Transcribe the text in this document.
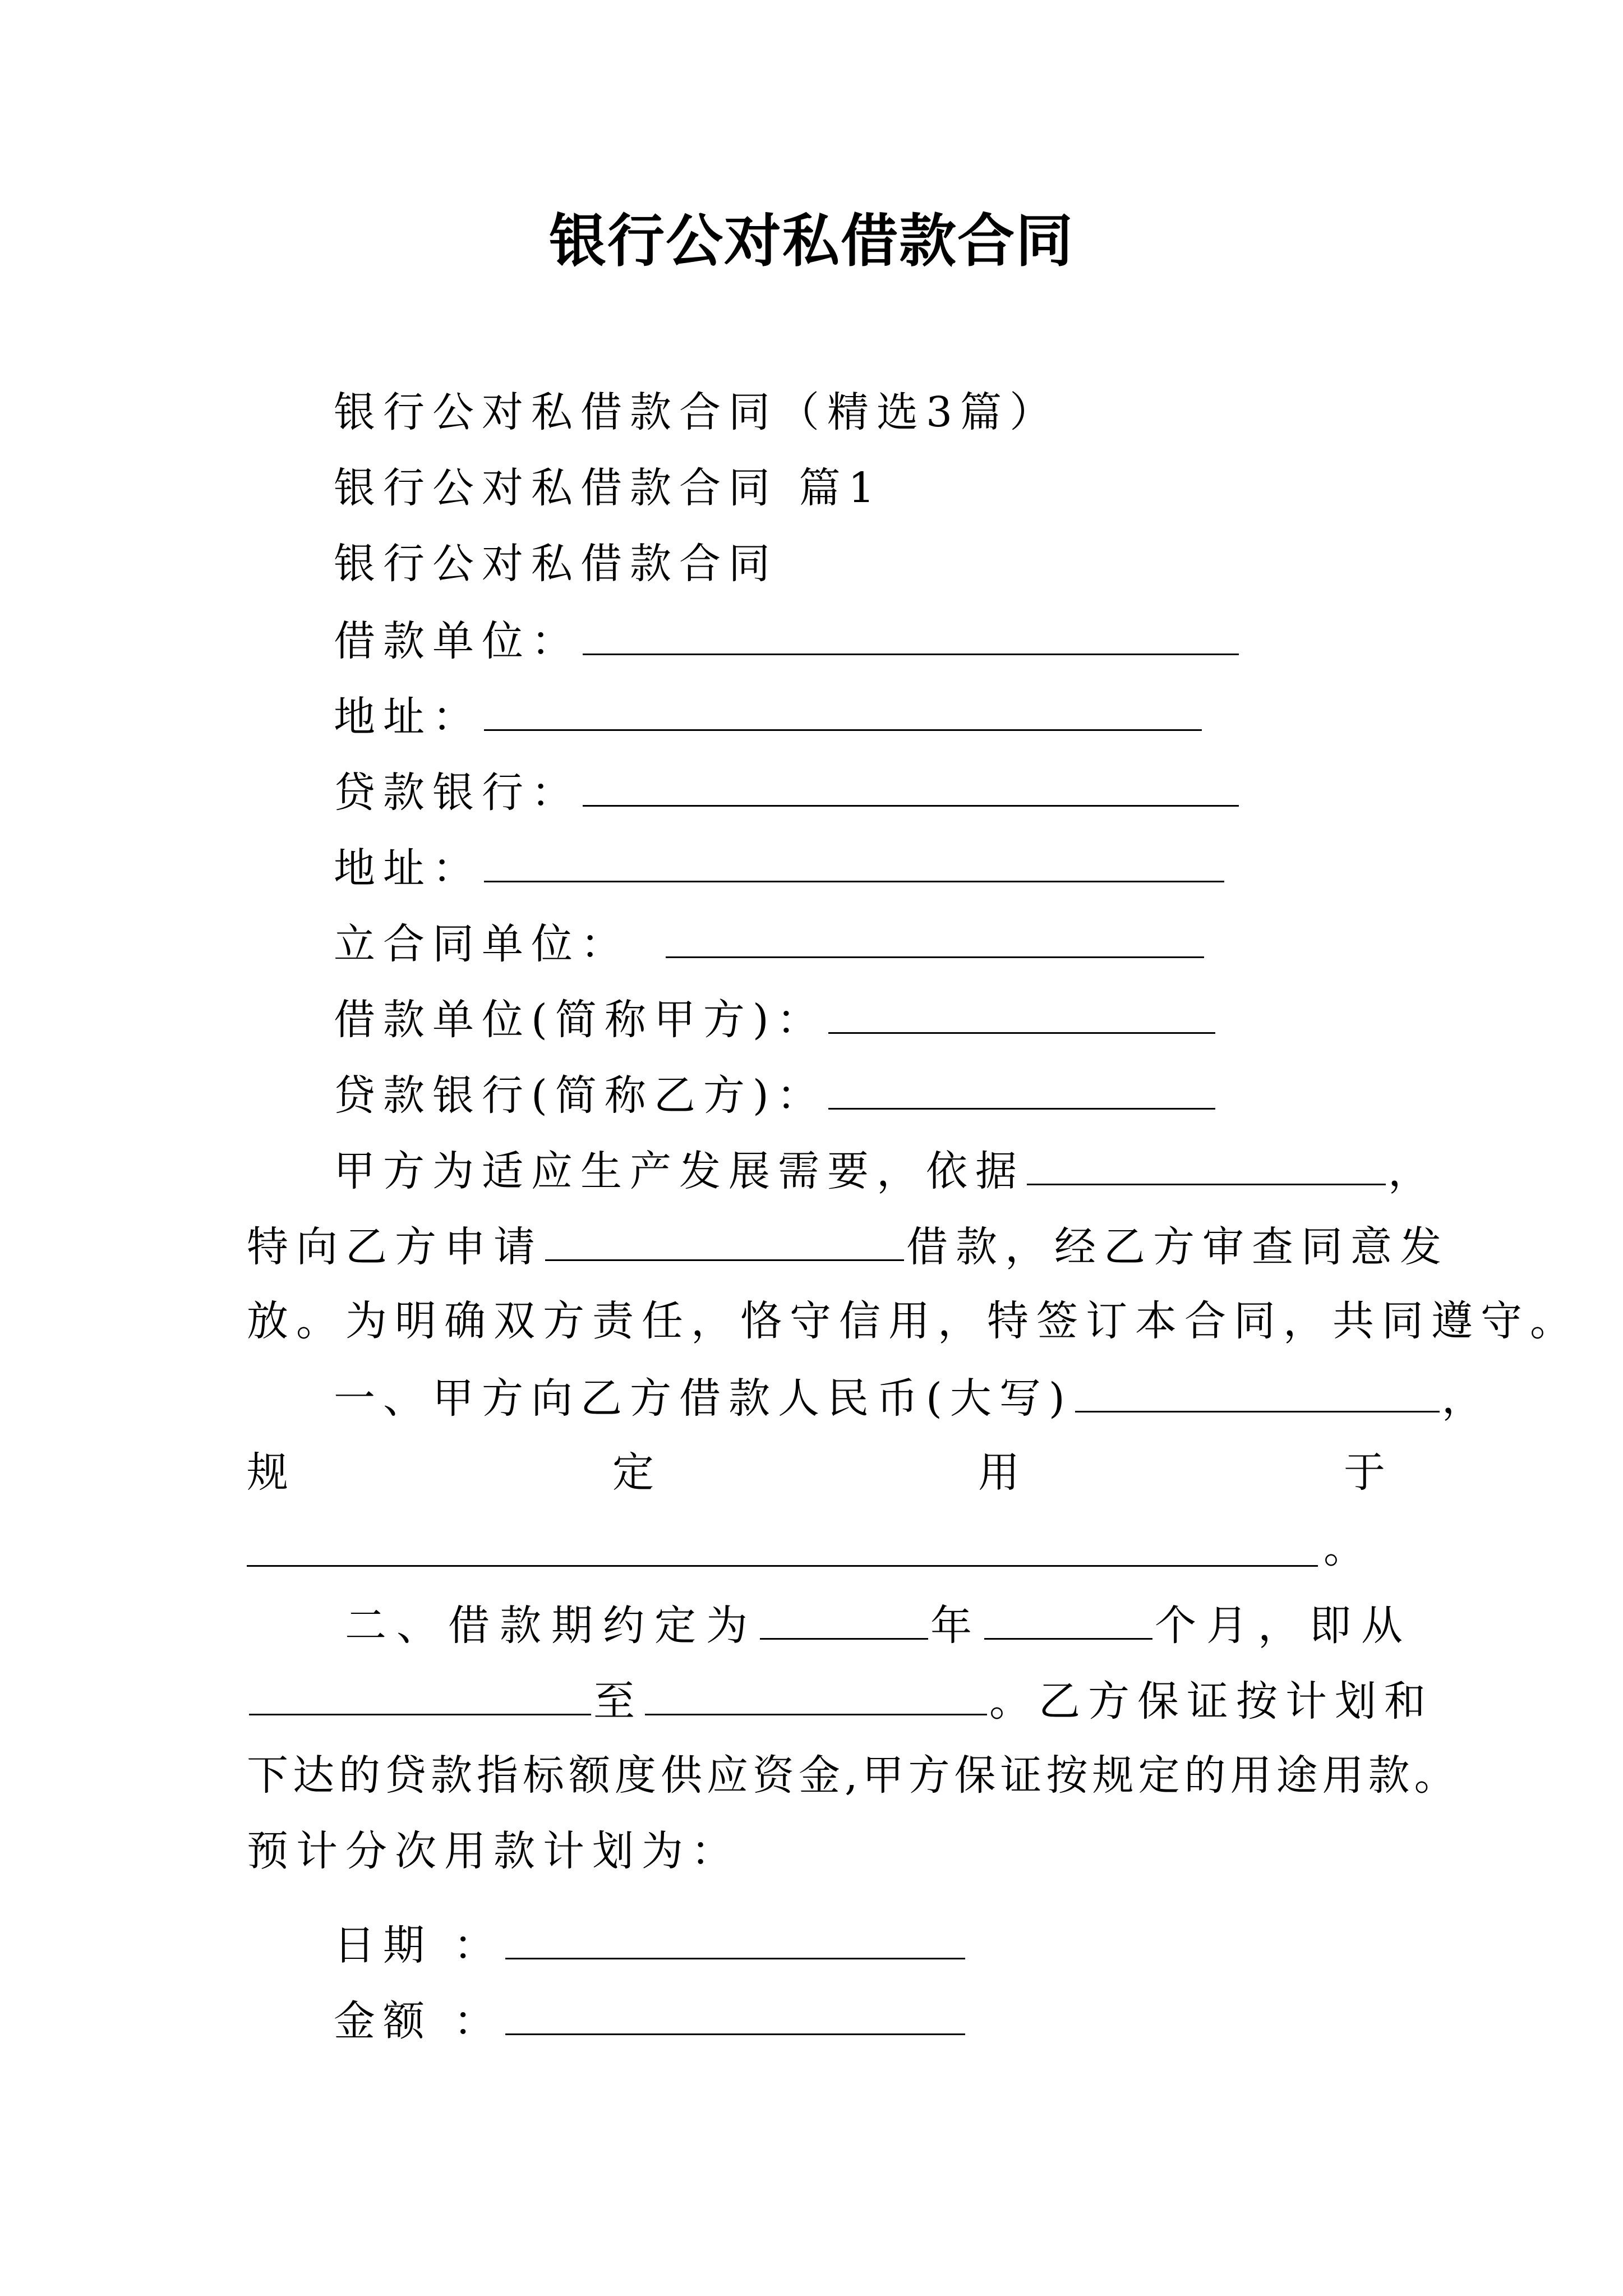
银行公对私借款合同
银行公对私借款合同（精选3篇）
银行公对私借款合同 篇1
银行公对私借款合同
借款单位：
地址：
贷款银行：
地址：
立合同单位：
借款单位(简称甲方)：
贷款银行(简称乙方)：
甲方为适应生产发展需要，依据	，
特向乙方申请	借款，经乙方审查同意发
放。为明确双方责任，恪守信用，特签订本合同，共同遵守。
一、甲方向乙方借款人民币(大写)	，
规	定	用	于
。
二、借款期约定为	年	个月，即从
至	。乙方保证按计划和
下达的贷款指标额度供应资金,甲方保证按规定的用途用款。
预计分次用款计划为：
日期 ：
金额 ：
